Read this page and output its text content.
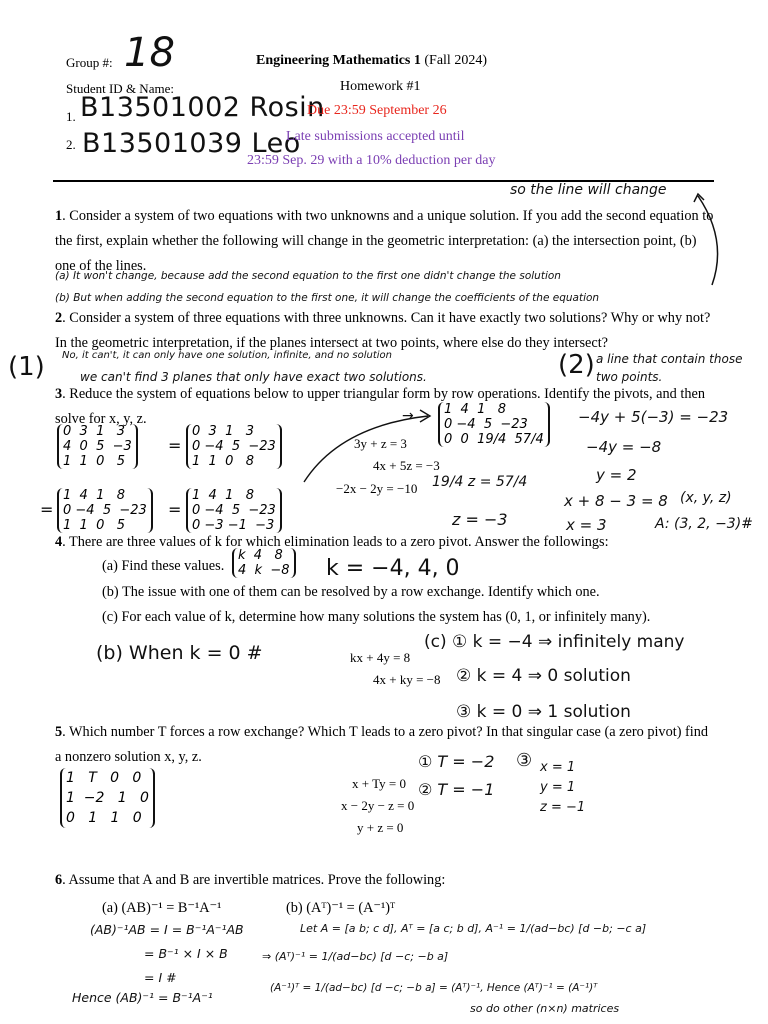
Group #: 18
Student ID & Name:
1. B13501002 Rosin
2. B13501039 Leo
Engineering Mathematics 1 (Fall 2024)
Homework #1
Due 23:59 September 26
Late submissions accepted until
23:59 Sep. 29 with a 10% deduction per day
so the line will change
1. Consider a system of two equations with two unknowns and a unique solution. If you add the second equation to the first, explain whether the following will change in the geometric interpretation: (a) the intersection point, (b) one of the lines.
(a) It won't change, because add the second equation to the first one didn't change the solution
(b) But when adding the second equation to the first one, it will change the coefficients of the equation
2. Consider a system of three equations with three unknowns. Can it have exactly two solutions? Why or why not? In the geometric interpretation, if the planes intersect at two points, where else do they intersect?
(1) No, it can't, it can only have one solution, infinite, and no solution
we can't find 3 planes that only have exact two solutions.	(2) a line that contain those two points.
3. Reduce the system of equations below to upper triangular form by row operations. Identify the pivots, and then solve for x, y, z.
3y + z = 3
4x + 5z = −3
−2x − 2y = −10
0  3  1   3
4  0  5  −3
1  1  0   5
=
0  3  1   3
0 −4  5  −23
1  1  0   8
=
1  4  1   8
0 −4  5  −23
1  1  0   5
=
1  4  1   8
0 −4  5  −23
0 −3 −1  −3
→ 1  4  1   8
0 −4  5  −23
0  0  19/4  57/4
19/4 z = 57/4
z = −3
−4y + 5(−3) = −23
−4y = −8
y = 2
x + 8 − 3 = 8 (x, y, z)
x = 3	A: (3, 2, −3)#
4. There are three values of k for which elimination leads to a zero pivot. Answer the followings:
(a) Find these values.
(b) The issue with one of them can be resolved by a row exchange. Identify which one.
(c) For each value of k, determine how many solutions the system has (0, 1, or infinitely many).
k  4   8
4  k  −8 k = −4, 4, 0
kx + 4y = 8
4x + ky = −8
(b) When k = 0 #	(c) ① k = −4 ⇒ infinitely many
② k = 4 ⇒ 0 solution
③ k = 0 ⇒ 1 solution
5. Which number T forces a row exchange? Which T leads to a zero pivot? In that singular case (a zero pivot) find a nonzero solution x, y, z.
1   T   0   0
1  −2   1   0
0   1   1   0
x + Ty = 0
x − 2y − z = 0
y + z = 0
① T = −2
② T = −1
③ x = 1
y = 1
z = −1
6. Assume that A and B are invertible matrices. Prove the following:
(a) (AB)⁻¹ = B⁻¹A⁻¹	(b) (Aᵀ)⁻¹ = (A⁻¹)ᵀ
(AB)⁻¹AB = I = B⁻¹A⁻¹AB
= B⁻¹ × I × B
= I #
Hence (AB)⁻¹ = B⁻¹A⁻¹
Let A = [a b; c d], Aᵀ = [a c; b d], A⁻¹ = 1/(ad−bc) [d −b; −c a]
⇒ (Aᵀ)⁻¹ = 1/(ad−bc) [d −c; −b a]
(A⁻¹)ᵀ = 1/(ad−bc) [d −c; −b a] = (Aᵀ)⁻¹, Hence (Aᵀ)⁻¹ = (A⁻¹)ᵀ
so do other (n×n) matrices
